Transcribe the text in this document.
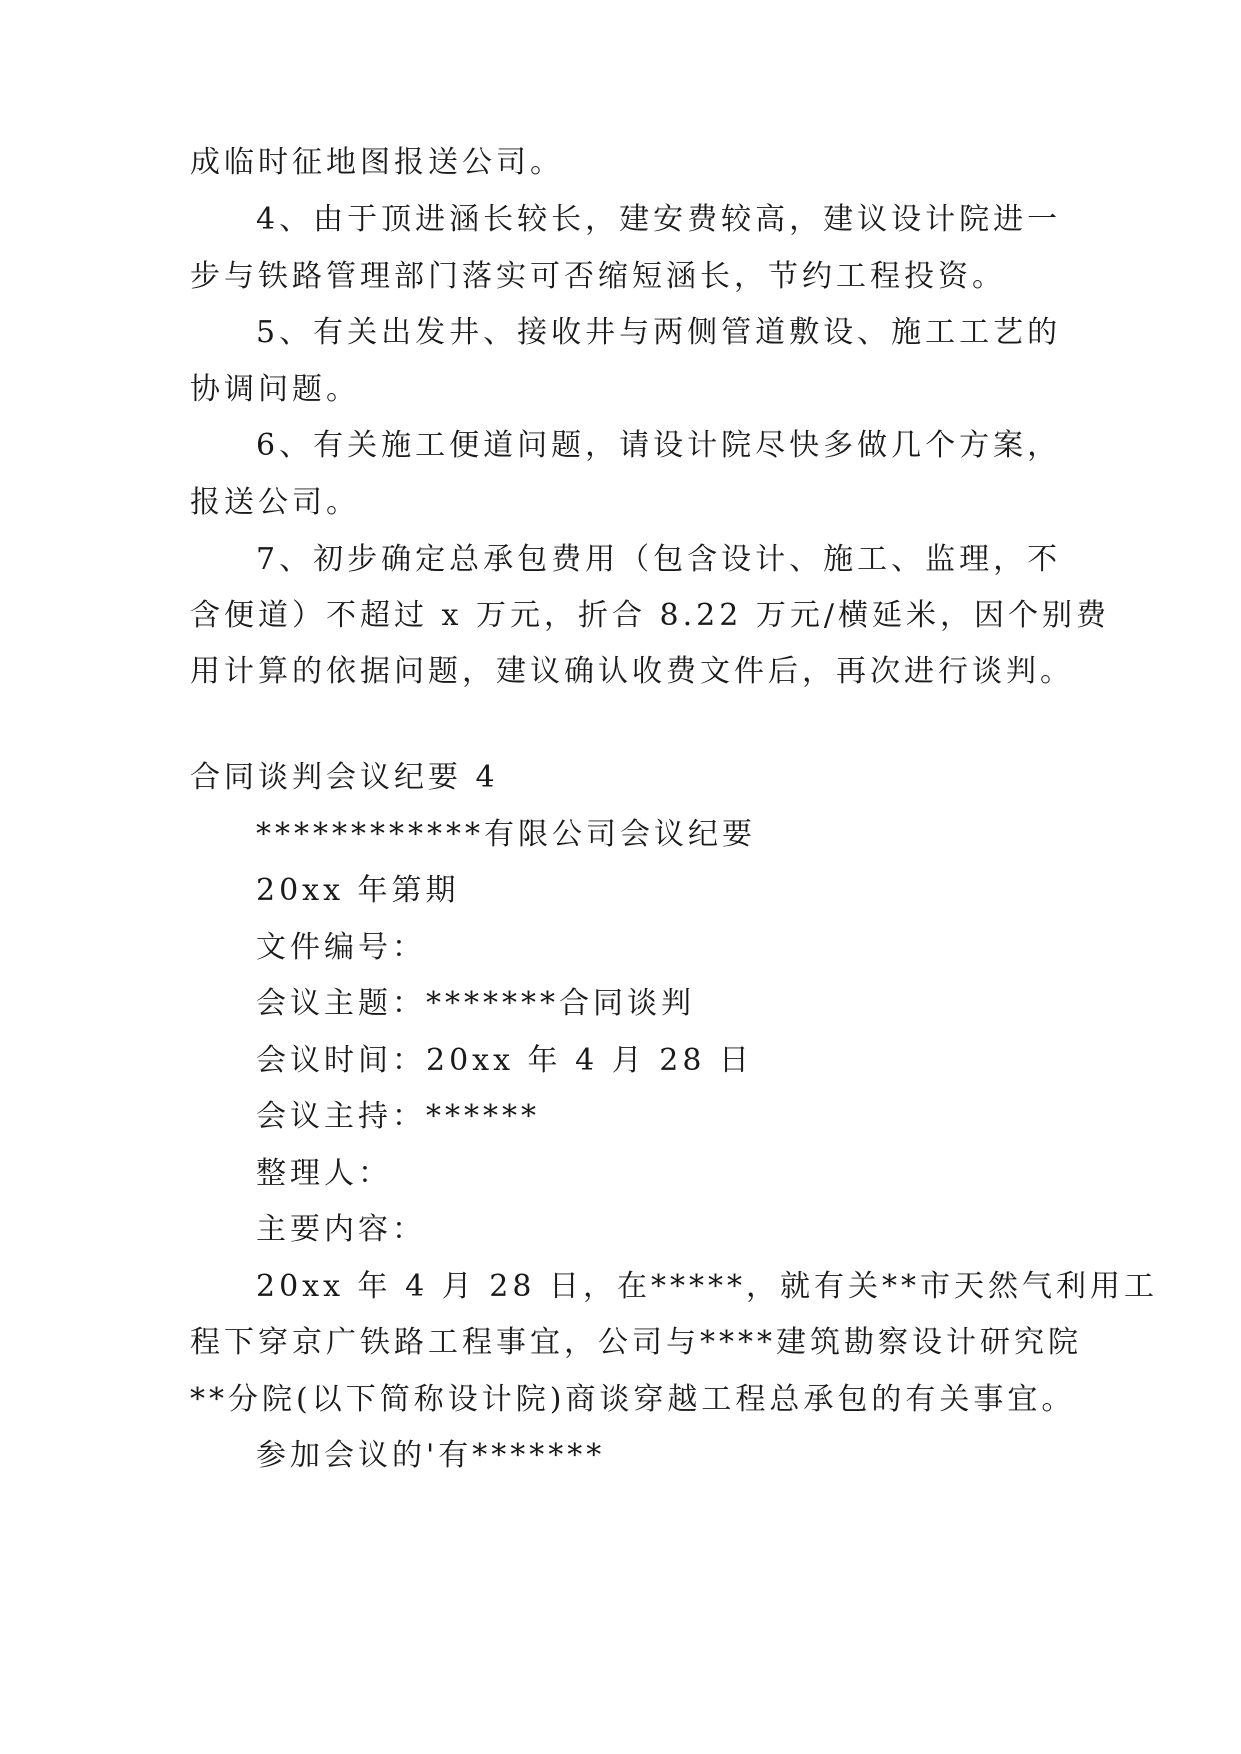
成临时征地图报送公司。
4、由于顶进涵长较长，建安费较高，建议设计院进一
步与铁路管理部门落实可否缩短涵长，节约工程投资。
5、有关出发井、接收井与两侧管道敷设、施工工艺的
协调问题。
6、有关施工便道问题，请设计院尽快多做几个方案，
报送公司。
7、初步确定总承包费用（包含设计、施工、监理，不
含便道）不超过 x 万元，折合 8.22 万元/横延米，因个别费
用计算的依据问题，建议确认收费文件后，再次进行谈判。
合同谈判会议纪要 4
************有限公司会议纪要
20xx 年第期
文件编号：
会议主题：*******合同谈判
会议时间：20xx 年 4 月 28 日
会议主持：******
整理人：
主要内容：
20xx 年 4 月 28 日，在*****，就有关**市天然气利用工
程下穿京广铁路工程事宜，公司与****建筑勘察设计研究院
**分院(以下简称设计院)商谈穿越工程总承包的有关事宜。
参加会议的'有*******
